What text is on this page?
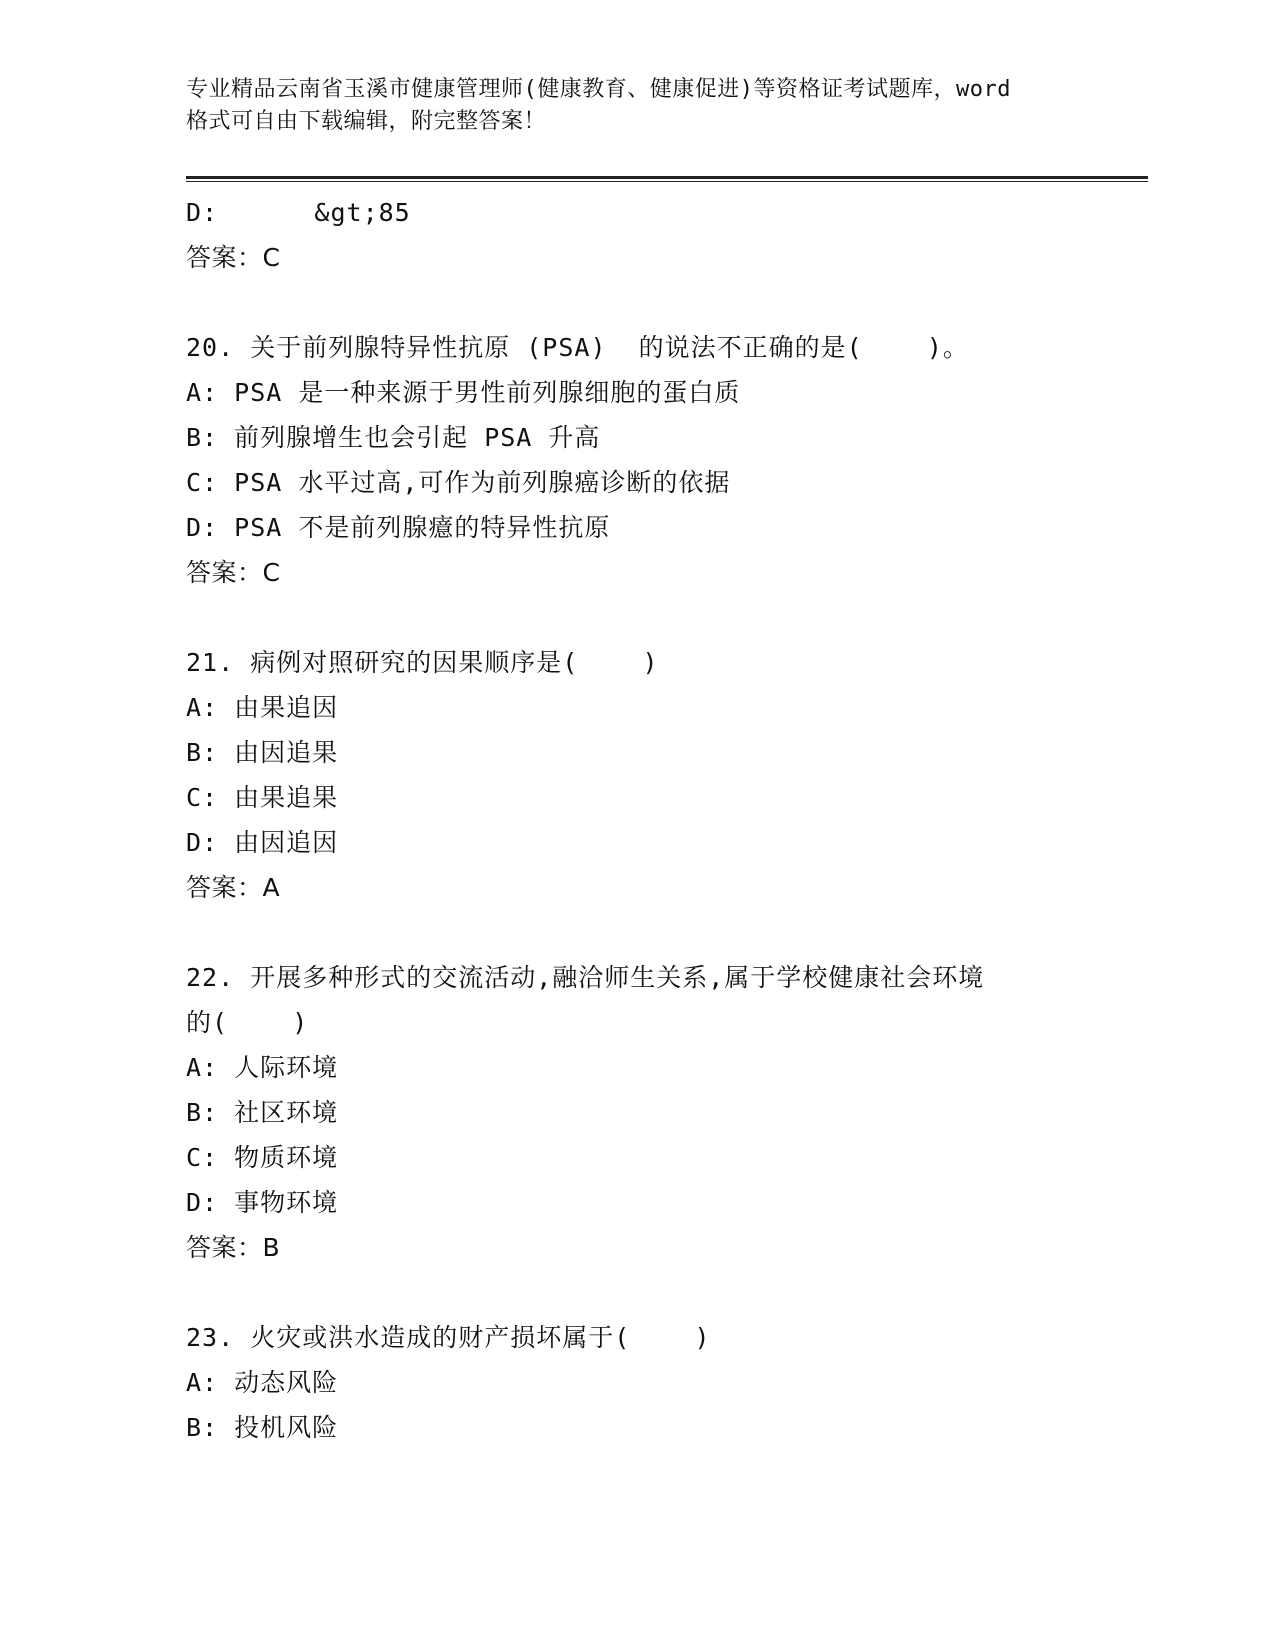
专业精品云南省玉溪市健康管理师(健康教育、健康促进)等资格证考试题库，word
格式可自由下载编辑，附完整答案！
D:      &gt;85
答案：C
20. 关于前列腺特异性抗原 (PSA)  的说法不正确的是(    )。
A: PSA 是一种来源于男性前列腺细胞的蛋白质
B: 前列腺增生也会引起 PSA 升高
C: PSA 水平过高,可作为前列腺癌诊断的依据
D: PSA 不是前列腺癔的特异性抗原
答案：C
21. 病例对照研究的因果顺序是(    )
A: 由果追因
B: 由因追果
C: 由果追果
D: 由因追因
答案：A
22. 开展多种形式的交流活动,融洽师生关系,属于学校健康社会环境
的(    )
A: 人际环境
B: 社区环境
C: 物质环境
D: 事物环境
答案：B
23. 火灾或洪水造成的财产损坏属于(    )
A: 动态风险
B: 投机风险
